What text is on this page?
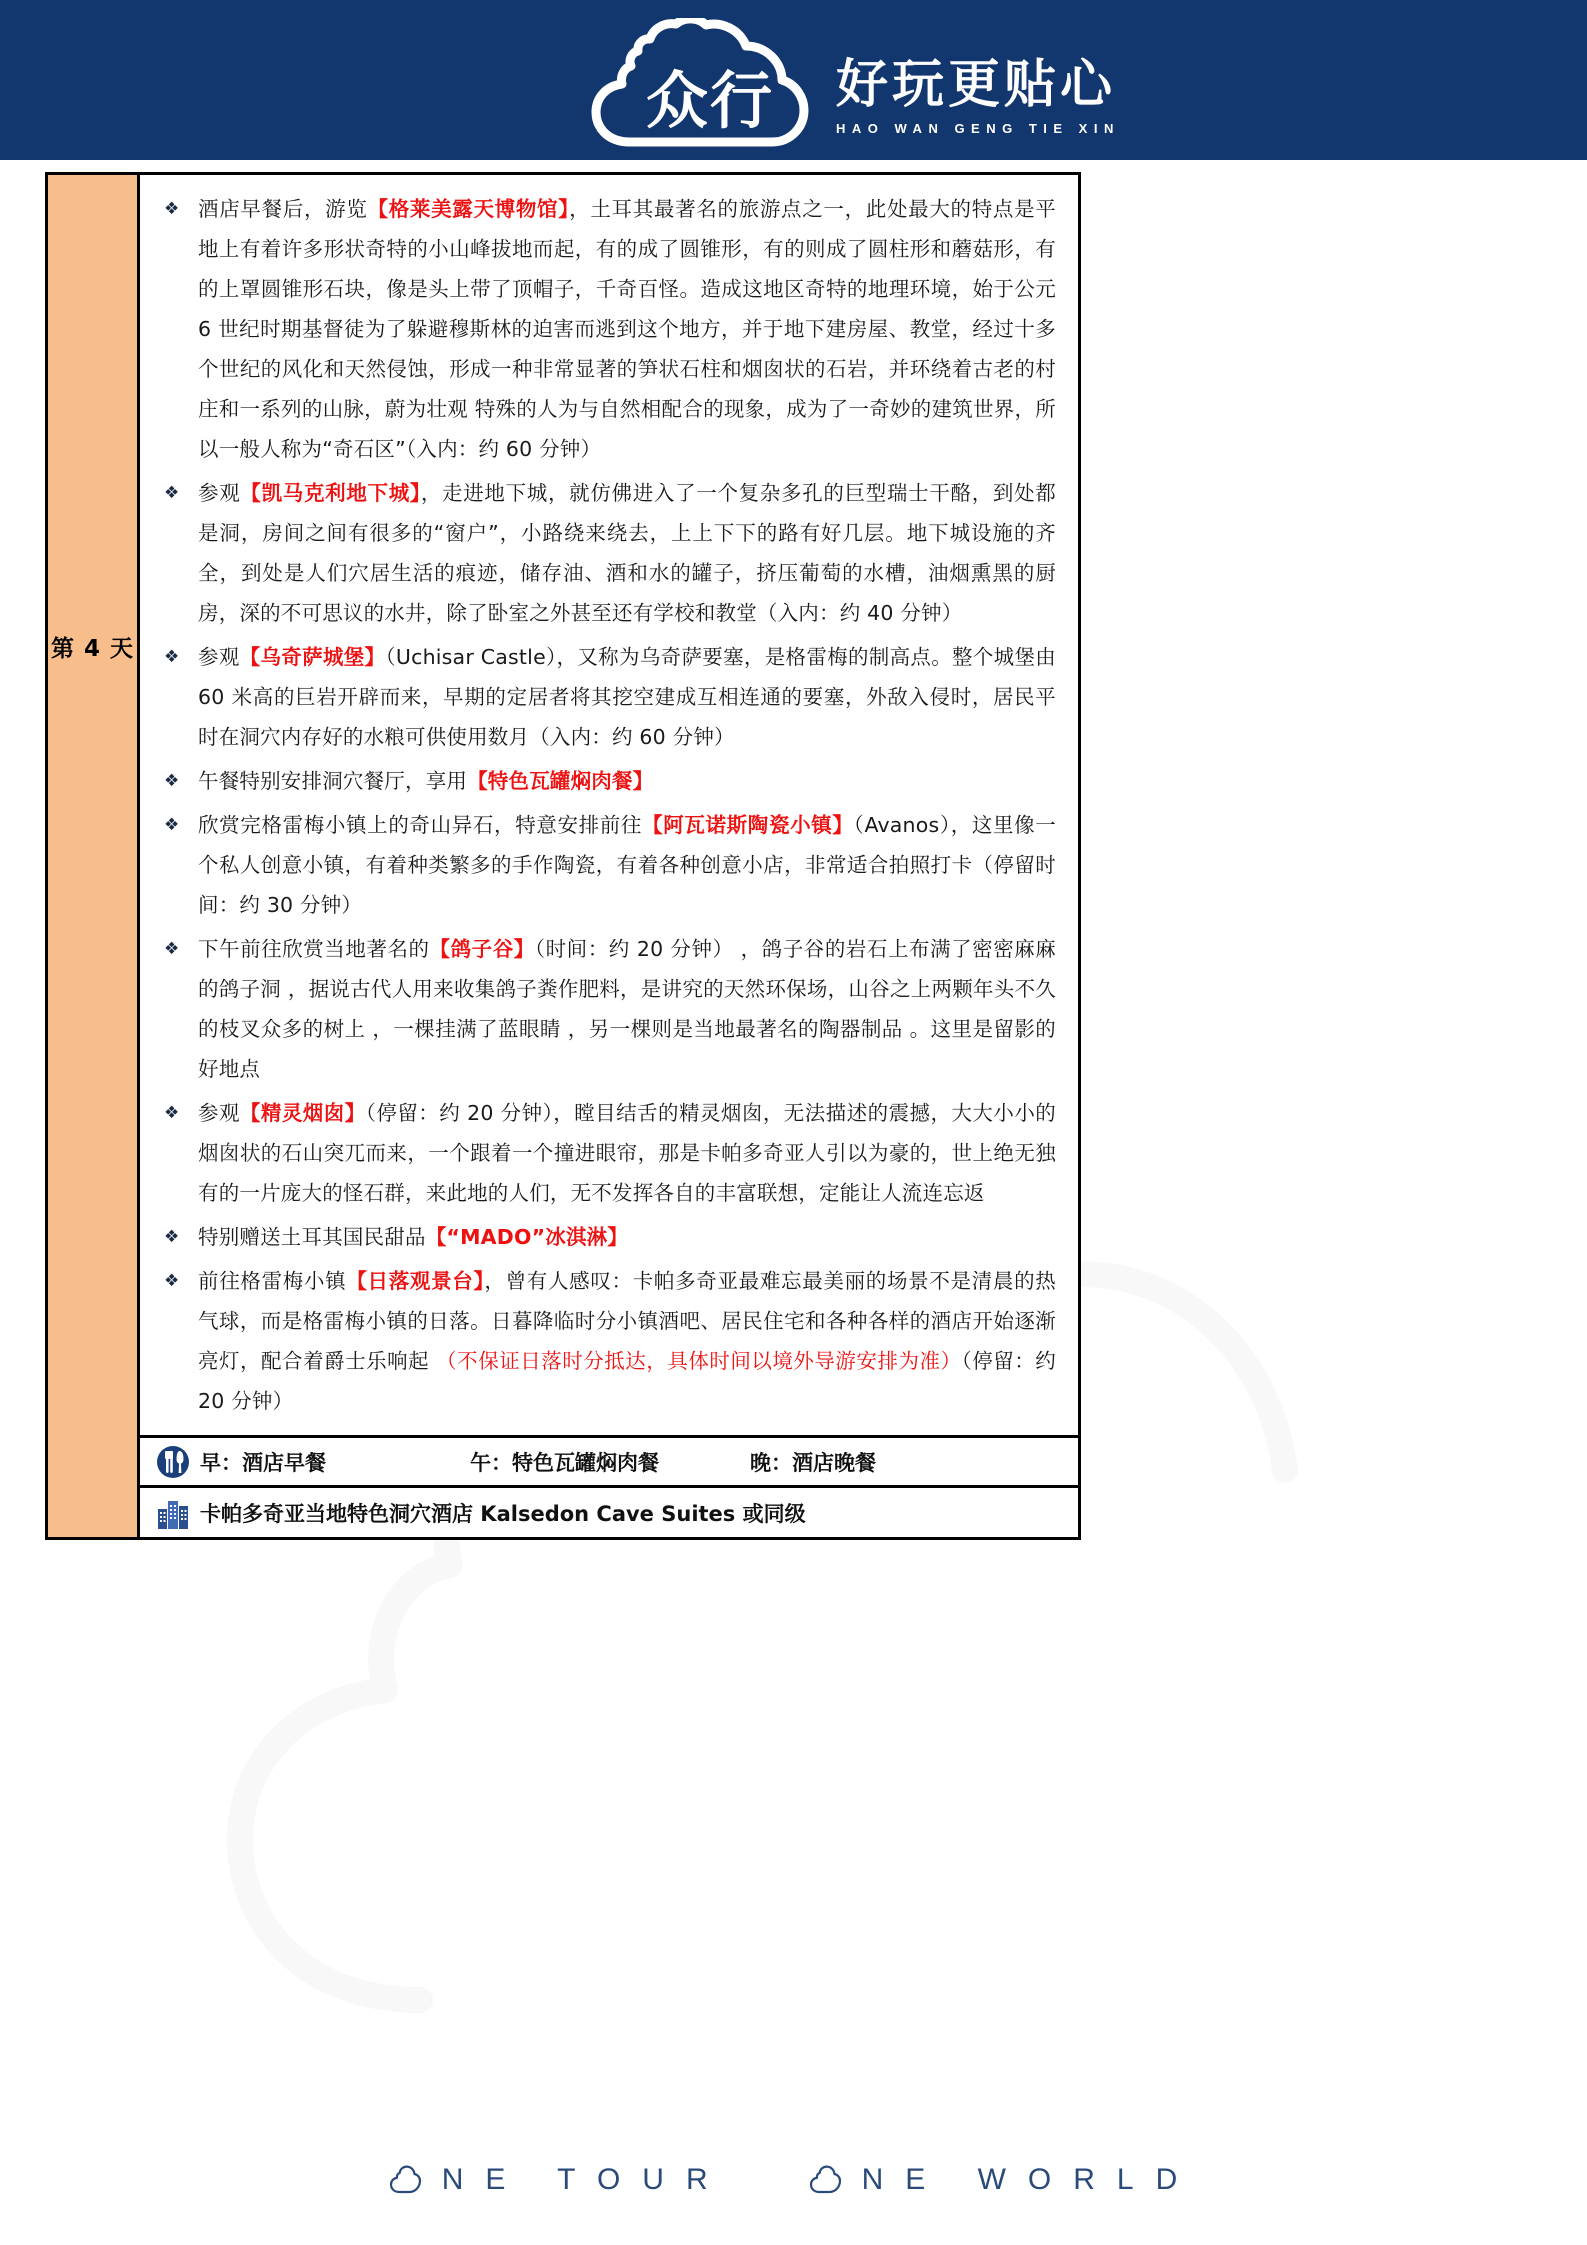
众行 好玩更贴心
HAO WAN GENG TIE XIN
第 4 天
❖ 酒店早餐后，游览【格莱美露天博物馆】，土耳其最著名的旅游点之一，此处最大的特点是平地上有着许多形状奇特的小山峰拔地而起，有的成了圆锥形，有的则成了圆柱形和蘑菇形，有的上罩圆锥形石块，像是头上带了顶帽子，千奇百怪。造成这地区奇特的地理环境，始于公元 6 世纪时期基督徒为了躲避穆斯林的迫害而逃到这个地方，并于地下建房屋、教堂，经过十多个世纪的风化和天然侵蚀，形成一种非常显著的笋状石柱和烟囱状的石岩，并环绕着古老的村庄和一系列的山脉，蔚为壮观 特殊的人为与自然相配合的现象，成为了一奇妙的建筑世界，所以一般人称为“奇石区”（入内：约 60 分钟）
❖ 参观【凯马克利地下城】，走进地下城，就仿佛进入了一个复杂多孔的巨型瑞士干酪，到处都是洞，房间之间有很多的“窗户”，小路绕来绕去，上上下下的路有好几层。地下城设施的齐全，到处是人们穴居生活的痕迹，储存油、酒和水的罐子，挤压葡萄的水槽，油烟熏黑的厨房，深的不可思议的水井，除了卧室之外甚至还有学校和教堂（入内：约 40 分钟）
❖ 参观【乌奇萨城堡】（Uchisar Castle），又称为乌奇萨要塞，是格雷梅的制高点。整个城堡由 60 米高的巨岩开辟而来，早期的定居者将其挖空建成互相连通的要塞，外敌入侵时，居民平时在洞穴内存好的水粮可供使用数月（入内：约 60 分钟）
❖ 午餐特别安排洞穴餐厅，享用【特色瓦罐焖肉餐】
❖ 欣赏完格雷梅小镇上的奇山异石，特意安排前往【阿瓦诺斯陶瓷小镇】（Avanos），这里像一个私人创意小镇，有着种类繁多的手作陶瓷，有着各种创意小店，非常适合拍照打卡（停留时间：约 30 分钟）
❖ 下午前往欣赏当地著名的【鸽子谷】（时间：约 20 分钟） ，鸽子谷的岩石上布满了密密麻麻的鸽子洞 ，据说古代人用来收集鸽子粪作肥料，是讲究的天然环保场，山谷之上两颗年头不久的枝叉众多的树上 ，一棵挂满了蓝眼睛 ，另一棵则是当地最著名的陶器制品 。这里是留影的好地点
❖ 参观【精灵烟囱】（停留：约 20 分钟），瞠目结舌的精灵烟囱，无法描述的震撼，大大小小的烟囱状的石山突兀而来，一个跟着一个撞进眼帘，那是卡帕多奇亚人引以为豪的，世上绝无独有的一片庞大的怪石群，来此地的人们，无不发挥各自的丰富联想，定能让人流连忘返
❖ 特别赠送土耳其国民甜品【“MADO”冰淇淋】
❖ 前往格雷梅小镇【日落观景台】，曾有人感叹：卡帕多奇亚最难忘最美丽的场景不是清晨的热气球，而是格雷梅小镇的日落。日暮降临时分小镇酒吧、居民住宅和各种各样的酒店开始逐渐亮灯，配合着爵士乐响起 （不保证日落时分抵达，具体时间以境外导游安排为准）（停留：约 20 分钟）
早：酒店早餐	午：特色瓦罐焖肉餐	晚：酒店晚餐
卡帕多奇亚当地特色洞穴酒店 Kalsedon Cave Suites 或同级
NE TOUR	NE WORLD
